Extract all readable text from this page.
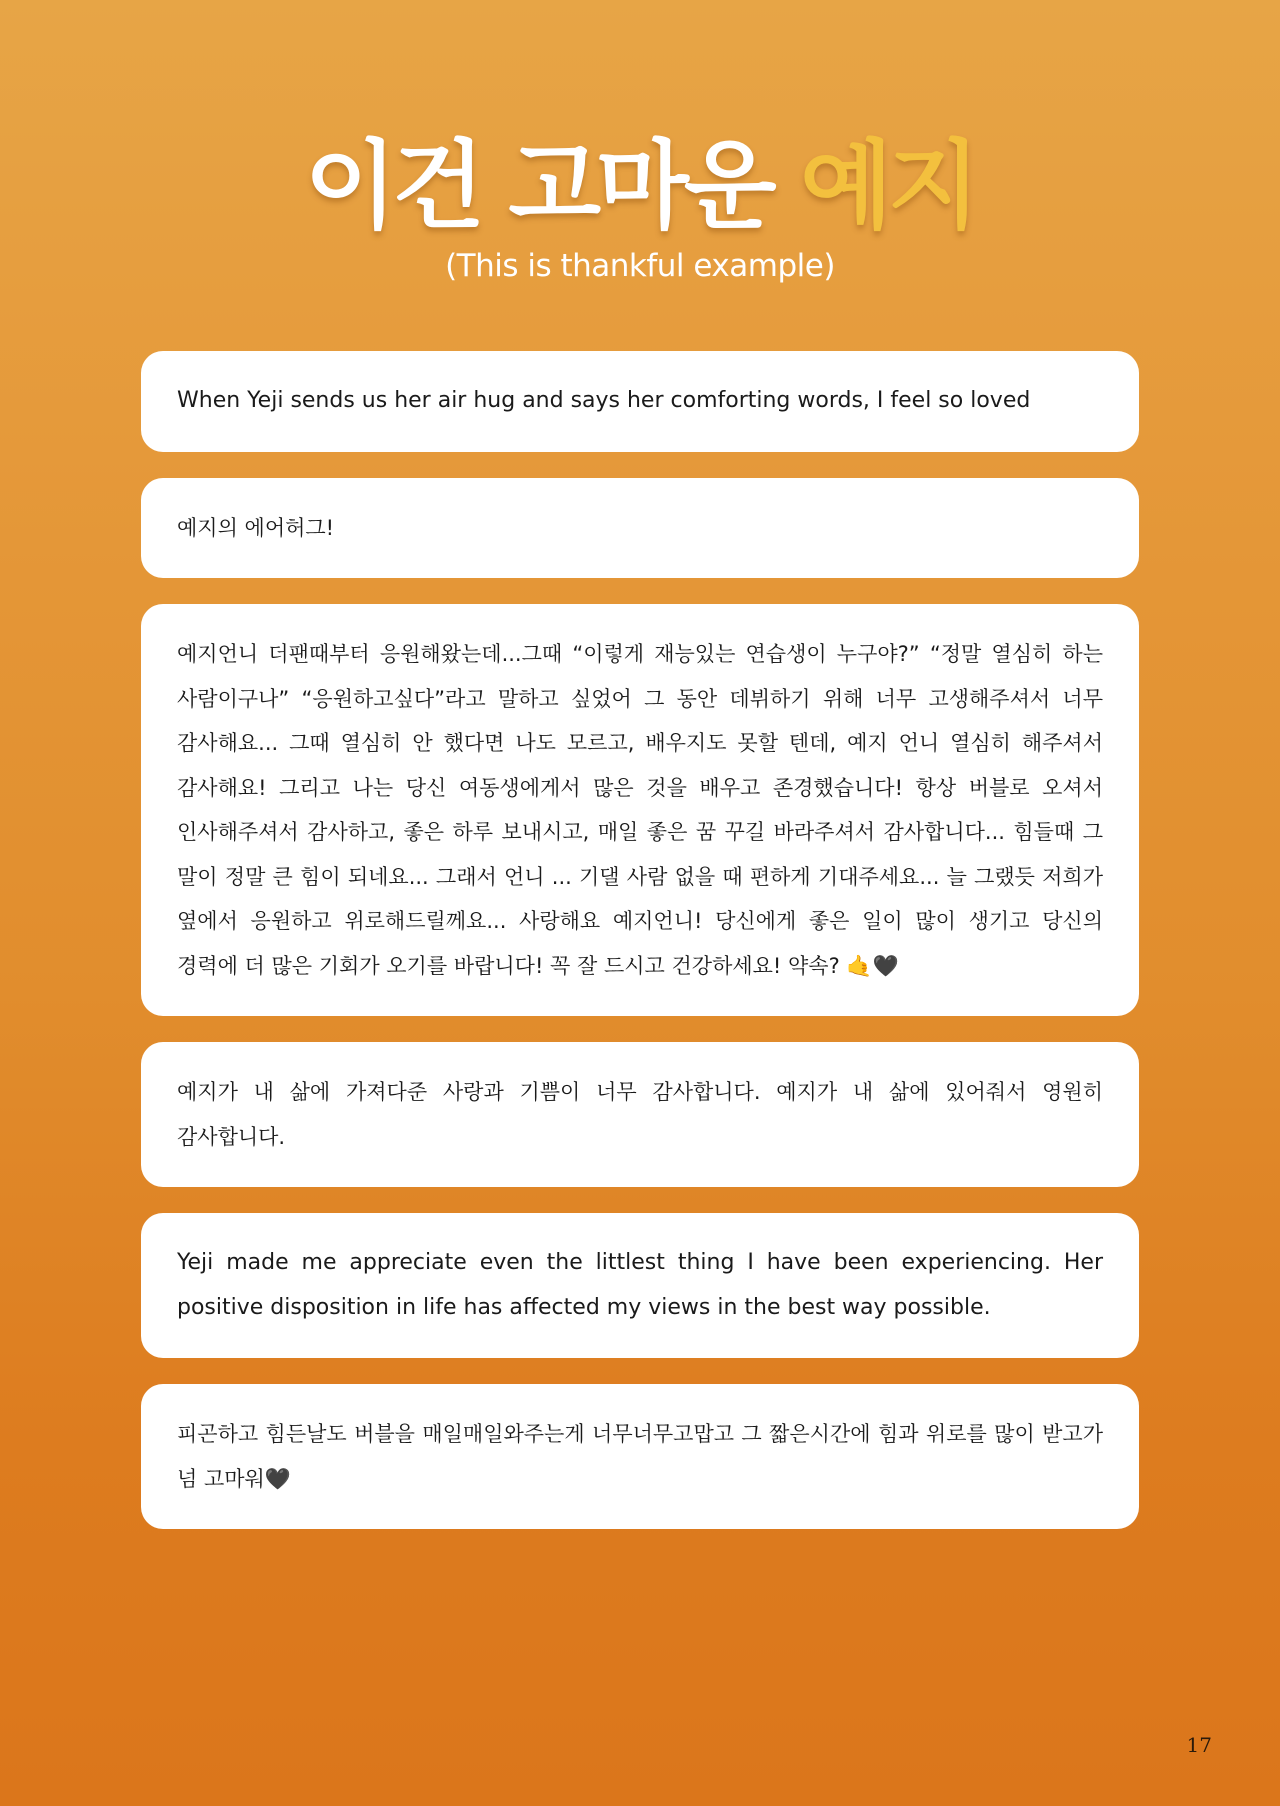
이건 고마운 예지

(This is thankful example)

When Yeji sends us her air hug and says her comforting words, I feel so loved
예지의 에어허그!
예지언니 더팬때부터 응원해왔는데...그때 “이렇게 재능있는 연습생이 누구야?” “정말 열심히 하는 사람이구나” “응원하고싶다”라고 말하고 싶었어 그 동안 데뷔하기 위해 너무 고생해주셔서 너무 감사해요... 그때 열심히 안 했다면 나도 모르고, 배우지도 못할 텐데, 예지 언니 열심히 해주셔서 감사해요! 그리고 나는 당신 여동생에게서 많은 것을 배우고 존경했습니다! 항상 버블로 오셔서 인사해주셔서 감사하고, 좋은 하루 보내시고, 매일 좋은 꿈 꾸길 바라주셔서 감사합니다... 힘들때 그 말이 정말 큰 힘이 되네요... 그래서 언니 ... 기댈 사람 없을 때 편하게 기대주세요... 늘 그랬듯 저희가 옆에서 응원하고 위로해드릴께요... 사랑해요 예지언니! 당신에게 좋은 일이 많이 생기고 당신의 경력에 더 많은 기회가 오기를 바랍니다! 꼭 잘 드시고 건강하세요! 약속? 🤙🖤
예지가 내 삶에 가져다준 사랑과 기쁨이 너무 감사합니다. 예지가 내 삶에 있어줘서 영원히 감사합니다.
Yeji made me appreciate even the littlest thing I have been experiencing. Her positive disposition in life has affected my views in the best way possible.
피곤하고 힘든날도 버블을 매일매일와주는게 너무너무고맙고 그 짧은시간에 힘과 위로를 많이 받고가 넘 고마워🖤
17
